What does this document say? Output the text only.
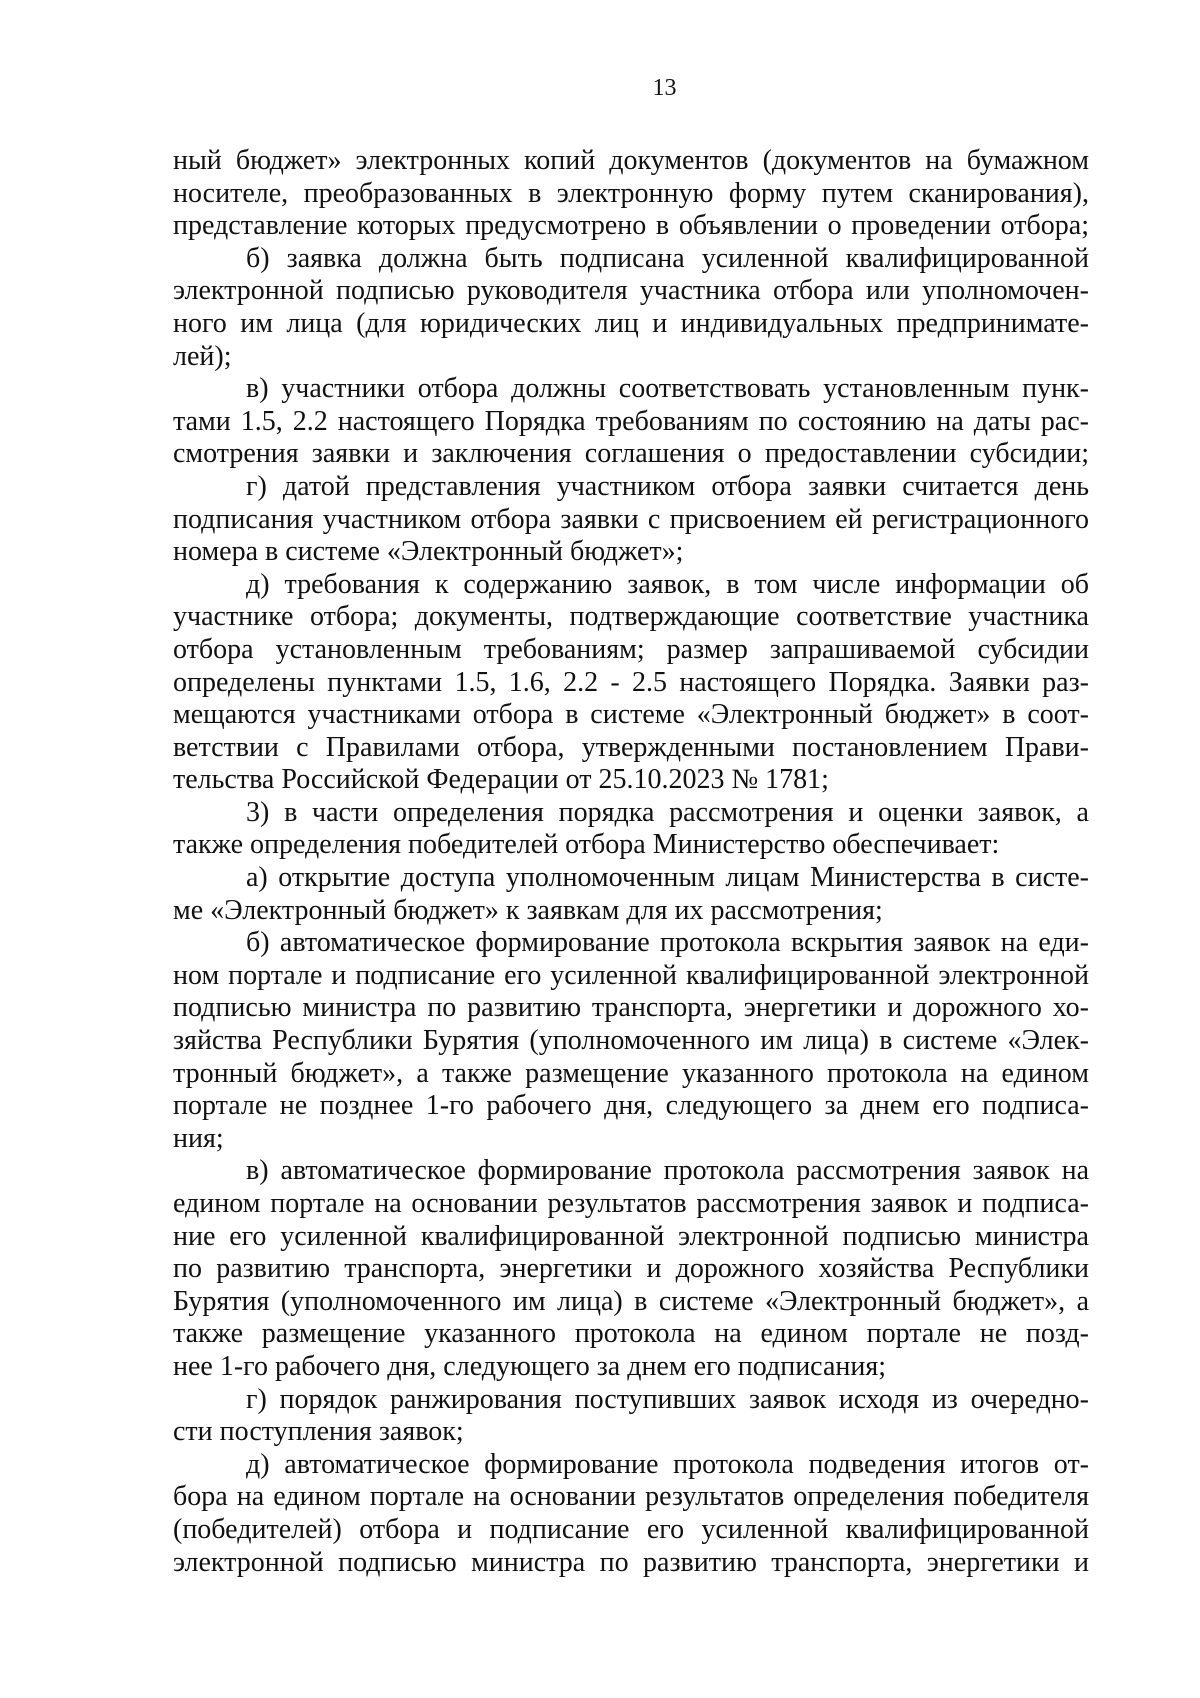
13
ный бюджет» электронных копий документов (документов на бумажном
носителе, преобразованных в электронную форму путем сканирования),
представление которых предусмотрено в объявлении о проведении отбора;
б) заявка должна быть подписана усиленной квалифицированной
электронной подписью руководителя участника отбора или уполномочен-
ного им лица (для юридических лиц и индивидуальных предпринимате-
лей);
в) участники отбора должны соответствовать установленным пунк-
тами 1.5, 2.2 настоящего Порядка требованиям по состоянию на даты рас-
смотрения заявки и заключения соглашения о предоставлении субсидии;
г) датой представления участником отбора заявки считается день
подписания участником отбора заявки с присвоением ей регистрационного
номера в системе «Электронный бюджет»;
д) требования к содержанию заявок, в том числе информации об
участнике отбора; документы, подтверждающие соответствие участника
отбора установленным требованиям; размер запрашиваемой субсидии
определены пунктами 1.5, 1.6, 2.2 - 2.5 настоящего Порядка. Заявки раз-
мещаются участниками отбора в системе «Электронный бюджет» в соот-
ветствии с Правилами отбора, утвержденными постановлением Прави-
тельства Российской Федерации от 25.10.2023 № 1781;
3) в части определения порядка рассмотрения и оценки заявок, а
также определения победителей отбора Министерство обеспечивает:
а) открытие доступа уполномоченным лицам Министерства в систе-
ме «Электронный бюджет» к заявкам для их рассмотрения;
б) автоматическое формирование протокола вскрытия заявок на еди-
ном портале и подписание его усиленной квалифицированной электронной
подписью министра по развитию транспорта, энергетики и дорожного хо-
зяйства Республики Бурятия (уполномоченного им лица) в системе «Элек-
тронный бюджет», а также размещение указанного протокола на едином
портале не позднее 1-го рабочего дня, следующего за днем его подписа-
ния;
в) автоматическое формирование протокола рассмотрения заявок на
едином портале на основании результатов рассмотрения заявок и подписа-
ние его усиленной квалифицированной электронной подписью министра
по развитию транспорта, энергетики и дорожного хозяйства Республики
Бурятия (уполномоченного им лица) в системе «Электронный бюджет», а
также размещение указанного протокола на едином портале не позд-
нее 1-го рабочего дня, следующего за днем его подписания;
г) порядок ранжирования поступивших заявок исходя из очередно-
сти поступления заявок;
д) автоматическое формирование протокола подведения итогов от-
бора на едином портале на основании результатов определения победителя
(победителей) отбора и подписание его усиленной квалифицированной
электронной подписью министра по развитию транспорта, энергетики и
